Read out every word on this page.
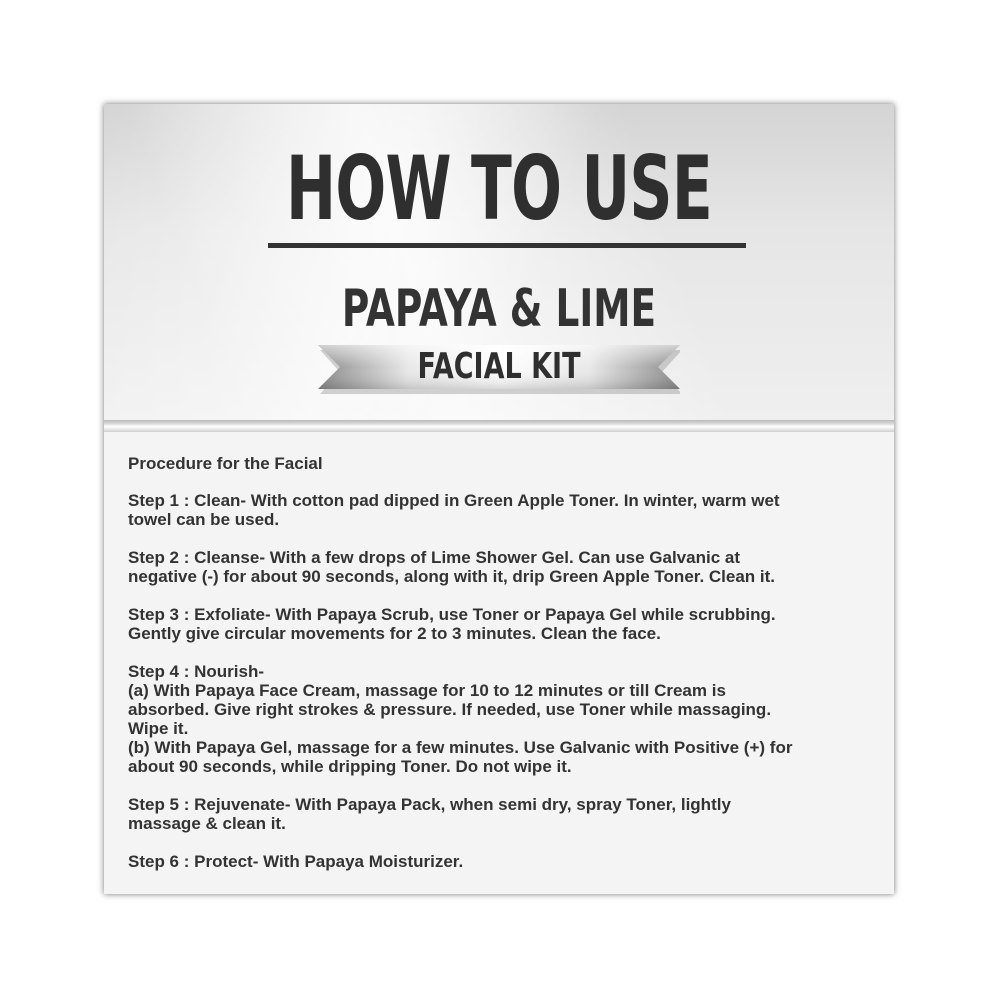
HOW TO USE
PAPAYA & LIME
FACIAL KIT
Procedure for the Facial
Step 1 : Clean- With cotton pad dipped in Green Apple Toner. In winter, warm wet
towel can be used.
Step 2 : Cleanse- With a few drops of Lime Shower Gel. Can use Galvanic at
negative (-) for about 90 seconds, along with it, drip Green Apple Toner. Clean it.
Step 3 : Exfoliate- With Papaya Scrub, use Toner or Papaya Gel while scrubbing.
Gently give circular movements for 2 to 3 minutes. Clean the face.
Step 4 : Nourish-
(a) With Papaya Face Cream, massage for 10 to 12 minutes or till Cream is
absorbed. Give right strokes & pressure. If needed, use Toner while massaging.
Wipe it.
(b) With Papaya Gel, massage for a few minutes. Use Galvanic with Positive (+) for
about 90 seconds, while dripping Toner. Do not wipe it.
Step 5 : Rejuvenate- With Papaya Pack, when semi dry, spray Toner, lightly
massage & clean it.
Step 6 : Protect- With Papaya Moisturizer.
